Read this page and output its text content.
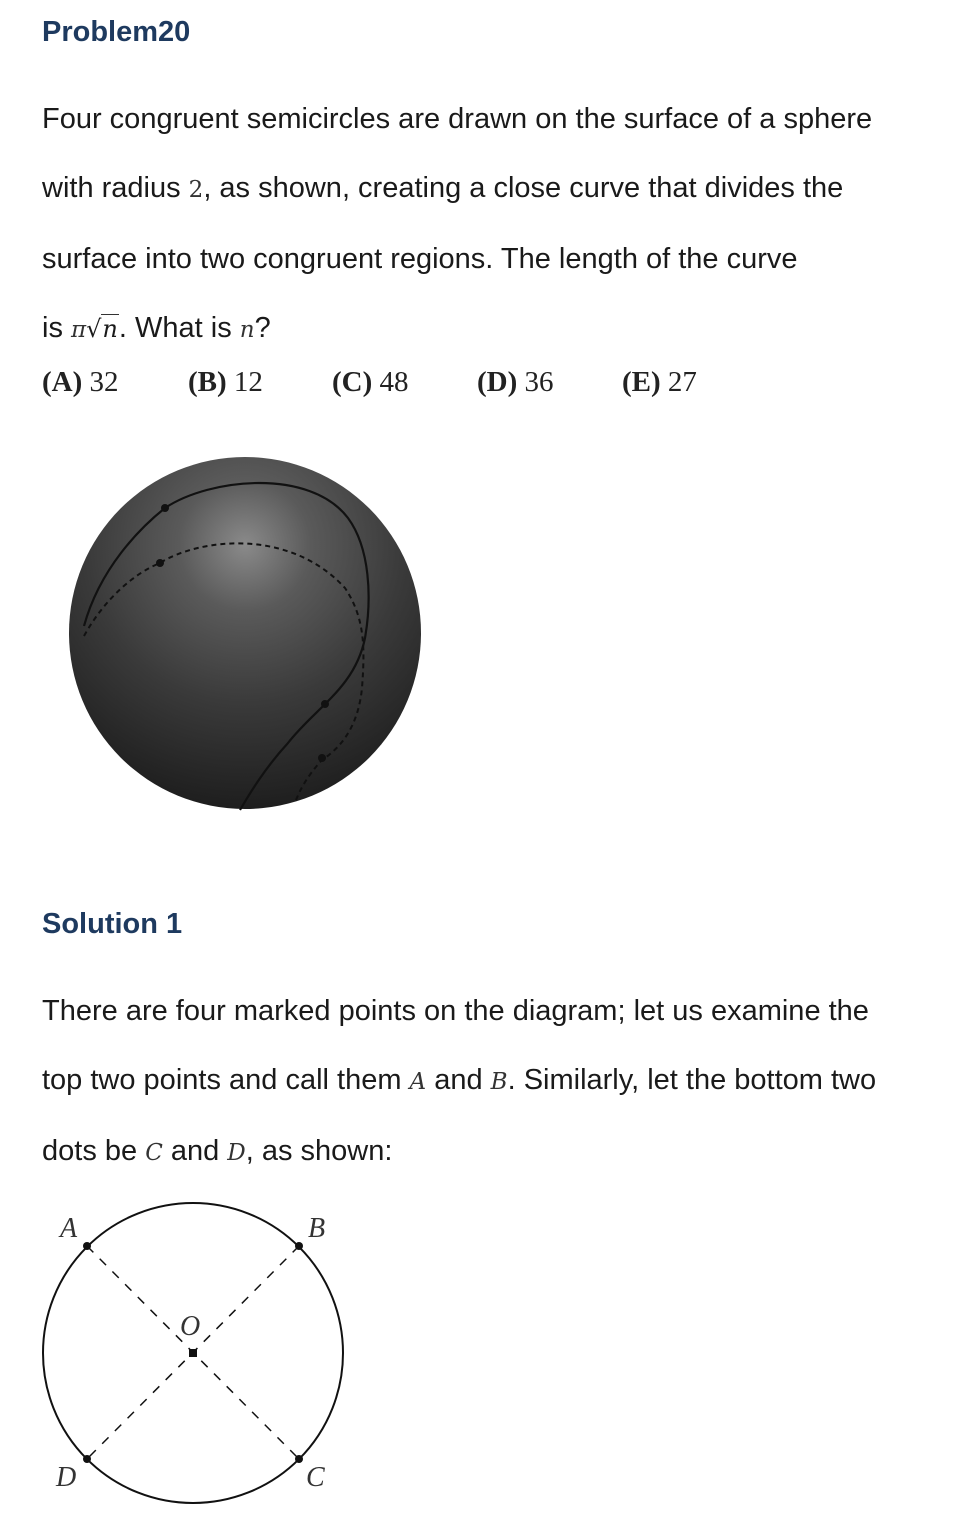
Problem20

Four congruent semicircles are drawn on the surface of a sphere
with radius 2, as shown, creating a close curve that divides the
surface into two congruent regions. The length of the curve
is π√n. What is n?

(A) 32	(B) 12	(C) 48	(D) 36	(E) 27
Solution 1

There are four marked points on the diagram; let us examine the
top two points and call them A and B. Similarly, let the bottom two
dots be C and D, as shown:

A	B
C
D
O
